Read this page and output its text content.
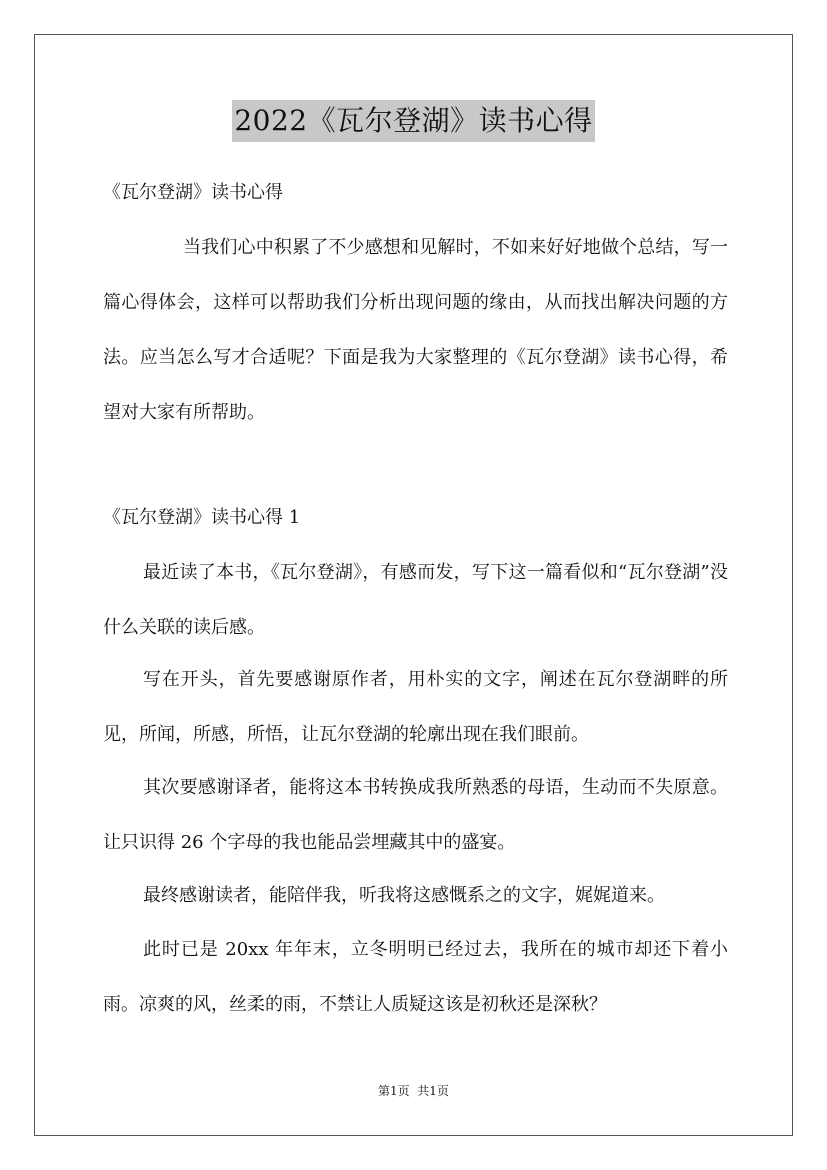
2022《瓦尔登湖》读书心得

《瓦尔登湖》读书心得

当我们心中积累了不少感想和见解时，不如来好好地做个总结，写一篇心得体会，这样可以帮助我们分析出现问题的缘由，从而找出解决问题的方法。应当怎么写才合适呢？下面是我为大家整理的《瓦尔登湖》读书心得，希望对大家有所帮助。

《瓦尔登湖》读书心得 1

最近读了本书，《瓦尔登湖》，有感而发，写下这一篇看似和“瓦尔登湖”没什么关联的读后感。

写在开头，首先要感谢原作者，用朴实的文字，阐述在瓦尔登湖畔的所见，所闻，所感，所悟，让瓦尔登湖的轮廓出现在我们眼前。

其次要感谢译者，能将这本书转换成我所熟悉的母语，生动而不失原意。让只识得 26 个字母的我也能品尝埋藏其中的盛宴。

最终感谢读者，能陪伴我，听我将这感慨系之的文字，娓娓道来。

此时已是 20xx 年年末，立冬明明已经过去，我所在的城市却还下着小雨。凉爽的风，丝柔的雨，不禁让人质疑这该是初秋还是深秋？

第1页  共1页
